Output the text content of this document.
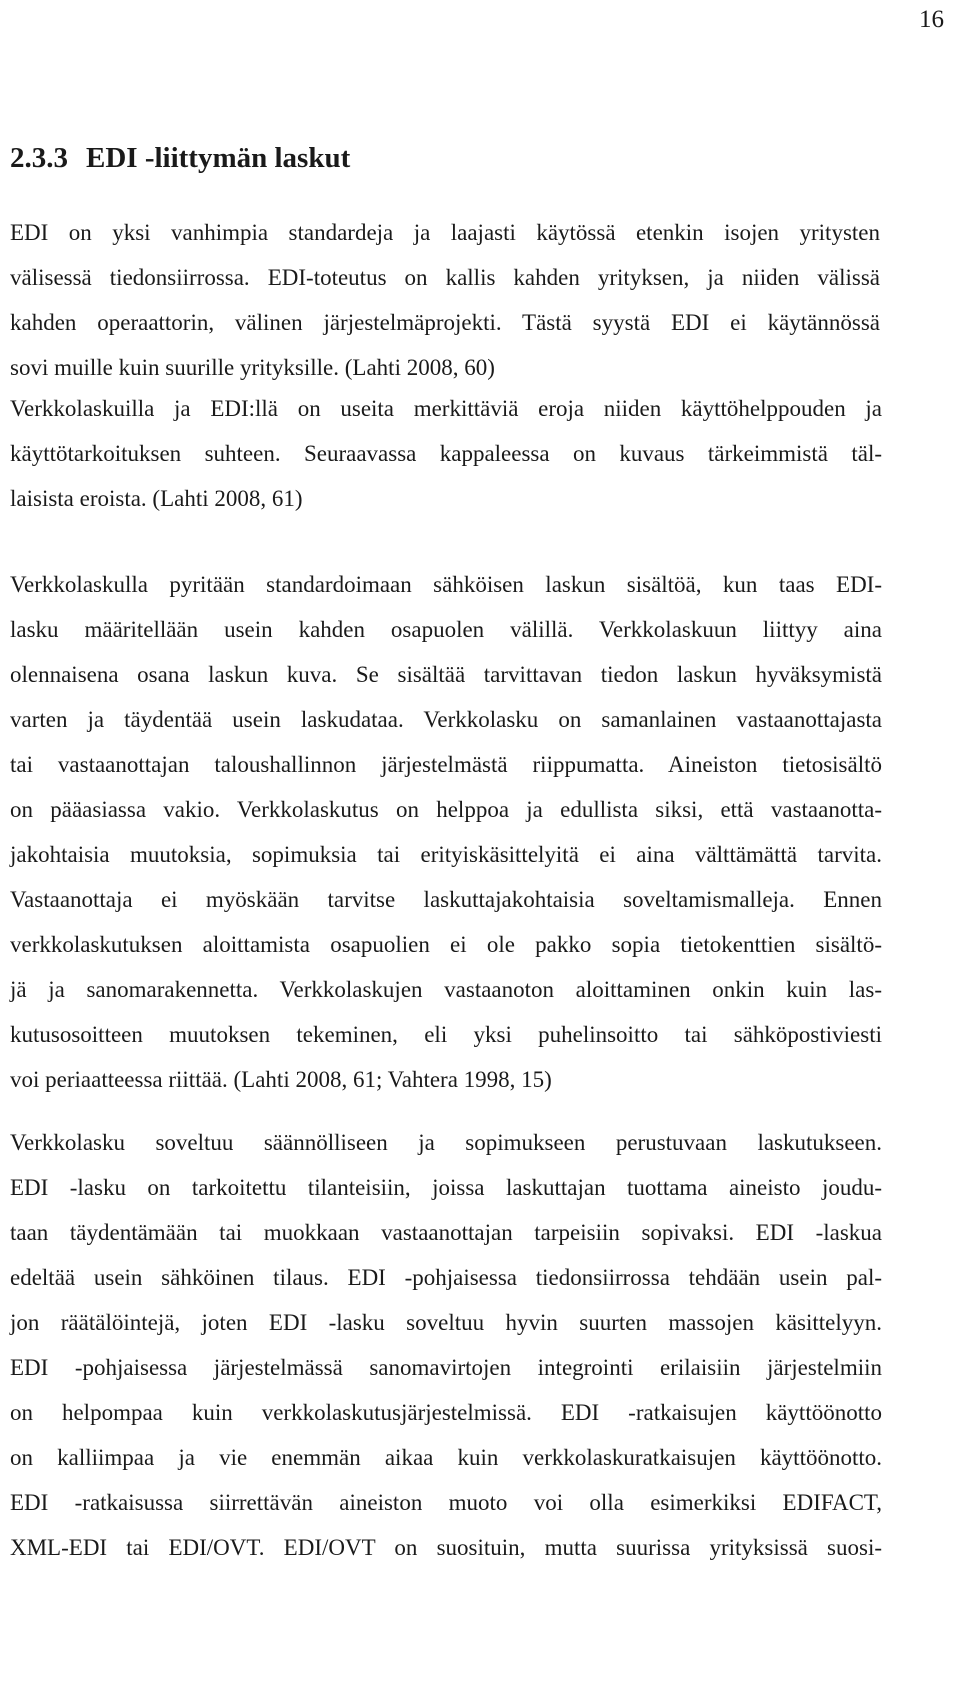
16
2.3.3 EDI -liittymän laskut
EDI on yksi vanhimpia standardeja ja laajasti käytössä etenkin isojen yritysten
välisessä tiedonsiirrossa. EDI-toteutus on kallis kahden yrityksen, ja niiden välissä
kahden operaattorin, välinen järjestelmäprojekti. Tästä syystä EDI ei käytännössä
sovi muille kuin suurille yrityksille. (Lahti 2008, 60)
Verkkolaskuilla ja EDI:llä on useita merkittäviä eroja niiden käyttöhelppouden ja
käyttötarkoituksen suhteen. Seuraavassa kappaleessa on kuvaus tärkeimmistä täl-
laisista eroista. (Lahti 2008, 61)
Verkkolaskulla pyritään standardoimaan sähköisen laskun sisältöä, kun taas EDI-
lasku määritellään usein kahden osapuolen välillä. Verkkolaskuun liittyy aina
olennaisena osana laskun kuva. Se sisältää tarvittavan tiedon laskun hyväksymistä
varten ja täydentää usein laskudataa. Verkkolasku on samanlainen vastaanottajasta
tai vastaanottajan taloushallinnon järjestelmästä riippumatta. Aineiston tietosisältö
on pääasiassa vakio. Verkkolaskutus on helppoa ja edullista siksi, että vastaanotta-
jakohtaisia muutoksia, sopimuksia tai erityiskäsittelyitä ei aina välttämättä tarvita.
Vastaanottaja ei myöskään tarvitse laskuttajakohtaisia soveltamismalleja. Ennen
verkkolaskutuksen aloittamista osapuolien ei ole pakko sopia tietokenttien sisältö-
jä ja sanomarakennetta. Verkkolaskujen vastaanoton aloittaminen onkin kuin las-
kutusosoitteen muutoksen tekeminen, eli yksi puhelinsoitto tai sähköpostiviesti
voi periaatteessa riittää. (Lahti 2008, 61; Vahtera 1998, 15)
Verkkolasku soveltuu säännölliseen ja sopimukseen perustuvaan laskutukseen.
EDI -lasku on tarkoitettu tilanteisiin, joissa laskuttajan tuottama aineisto joudu-
taan täydentämään tai muokkaan vastaanottajan tarpeisiin sopivaksi. EDI -laskua
edeltää usein sähköinen tilaus. EDI -pohjaisessa tiedonsiirrossa tehdään usein pal-
jon räätälöintejä, joten EDI -lasku soveltuu hyvin suurten massojen käsittelyyn.
EDI -pohjaisessa järjestelmässä sanomavirtojen integrointi erilaisiin järjestelmiin
on helpompaa kuin verkkolaskutusjärjestelmissä. EDI -ratkaisujen käyttöönotto
on kalliimpaa ja vie enemmän aikaa kuin verkkolaskuratkaisujen käyttöönotto.
EDI -ratkaisussa siirrettävän aineiston muoto voi olla esimerkiksi EDIFACT,
XML-EDI tai EDI/OVT. EDI/OVT on suosituin, mutta suurissa yrityksissä suosi-
